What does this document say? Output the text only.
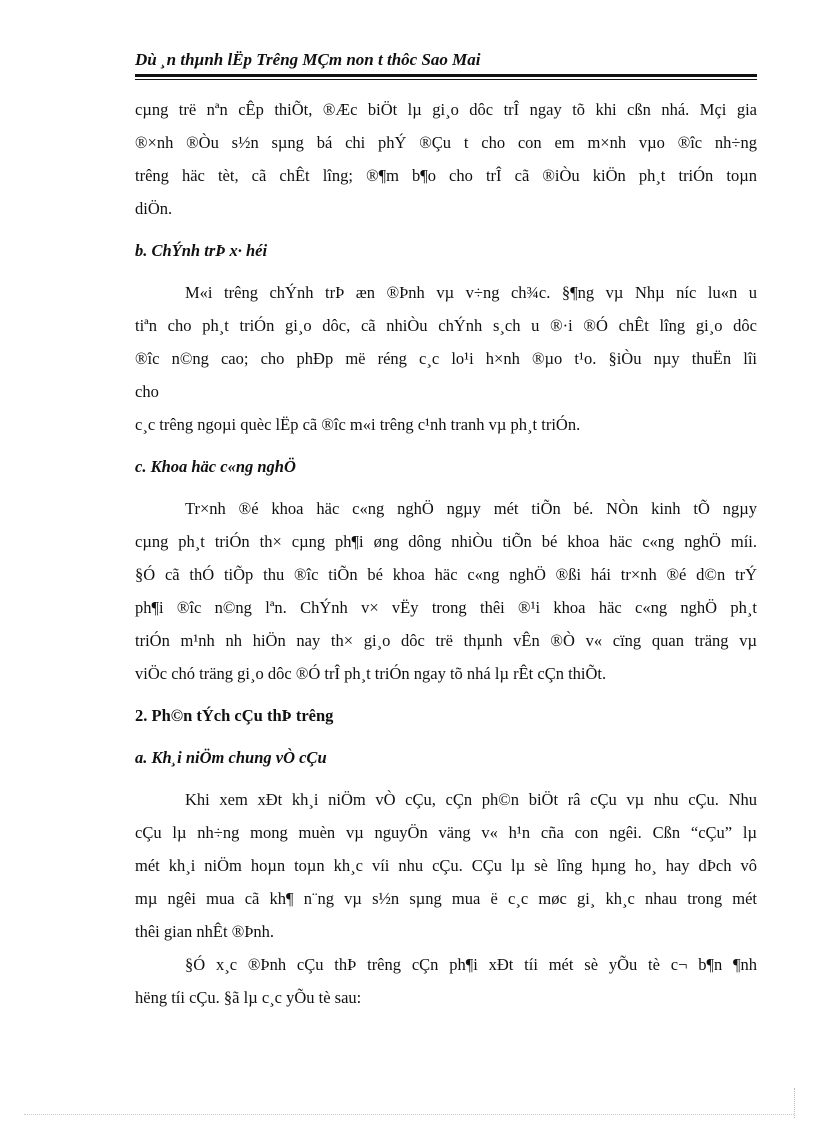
Dù ¸n thµnh lËp Trêng MÇm non t thôc Sao Mai

cµng trë nªn cÊp thiÕt, ®Æc biÖt lµ gi¸o dôc trÎ ngay tõ khi cßn nhá. Mçi gia

®×nh ®Òu s½n sµng bá chi phÝ ®Çu t cho con em m×nh vµo ®îc nh÷ng

trêng häc tèt, cã chÊt lîng; ®¶m b¶o cho trÎ cã ®iÒu kiÖn ph¸t triÓn toµn

diÖn.

b. ChÝnh trÞ x· héi

M«i trêng chÝnh trÞ æn ®Þnh vµ v÷ng ch¾c. §¶ng vµ Nhµ níc lu«n u

tiªn cho ph¸t triÓn gi¸o dôc, cã nhiÒu chÝnh s¸ch u ®·i ®Ó chÊt lîng gi¸o dôc

®îc n©ng cao; cho phÐp më réng c¸c lo¹i h×nh ®µo t¹o. §iÒu nµy thuËn lîi

cho

c¸c trêng ngoµi quèc lËp cã ®îc m«i trêng c¹nh tranh vµ ph¸t triÓn.

c. Khoa häc c«ng nghÖ

Tr×nh ®é khoa häc c«ng nghÖ ngµy mét tiÕn bé. NÒn kinh tÕ ngµy

cµng ph¸t triÓn th× cµng ph¶i øng dông nhiÒu tiÕn bé khoa häc c«ng nghÖ míi.

§Ó cã thÓ tiÕp thu ®îc tiÕn bé khoa häc c«ng nghÖ ®ßi hái tr×nh ®é d©n trÝ

ph¶i ®îc n©ng lªn. ChÝnh v× vËy trong thêi ®¹i khoa häc c«ng nghÖ ph¸t

triÓn m¹nh nh hiÖn nay th× gi¸o dôc trë thµnh vÊn ®Ò v« cïng quan träng vµ

viÖc chó träng gi¸o dôc ®Ó trÎ ph¸t triÓn ngay tõ nhá lµ rÊt cÇn thiÕt.

2. Ph©n tÝch cÇu thÞ trêng

a. Kh¸i niÖm chung vÒ cÇu

Khi xem xÐt kh¸i niÖm vÒ cÇu, cÇn ph©n biÖt râ cÇu vµ nhu cÇu. Nhu

cÇu lµ nh÷ng mong muèn vµ nguyÖn väng v« h¹n cña con ngêi. Cßn “cÇu” lµ

mét kh¸i niÖm hoµn toµn kh¸c víi nhu cÇu. CÇu lµ sè lîng hµng ho¸ hay dÞch vô

mµ ngêi mua cã kh¶ n¨ng vµ s½n sµng mua ë c¸c møc gi¸ kh¸c nhau trong mét

thêi gian nhÊt ®Þnh.

§Ó x¸c ®Þnh cÇu thÞ trêng cÇn ph¶i xÐt tíi mét sè yÕu tè c¬ b¶n ¶nh

hëng tíi cÇu. §ã lµ c¸c yÕu tè sau:
